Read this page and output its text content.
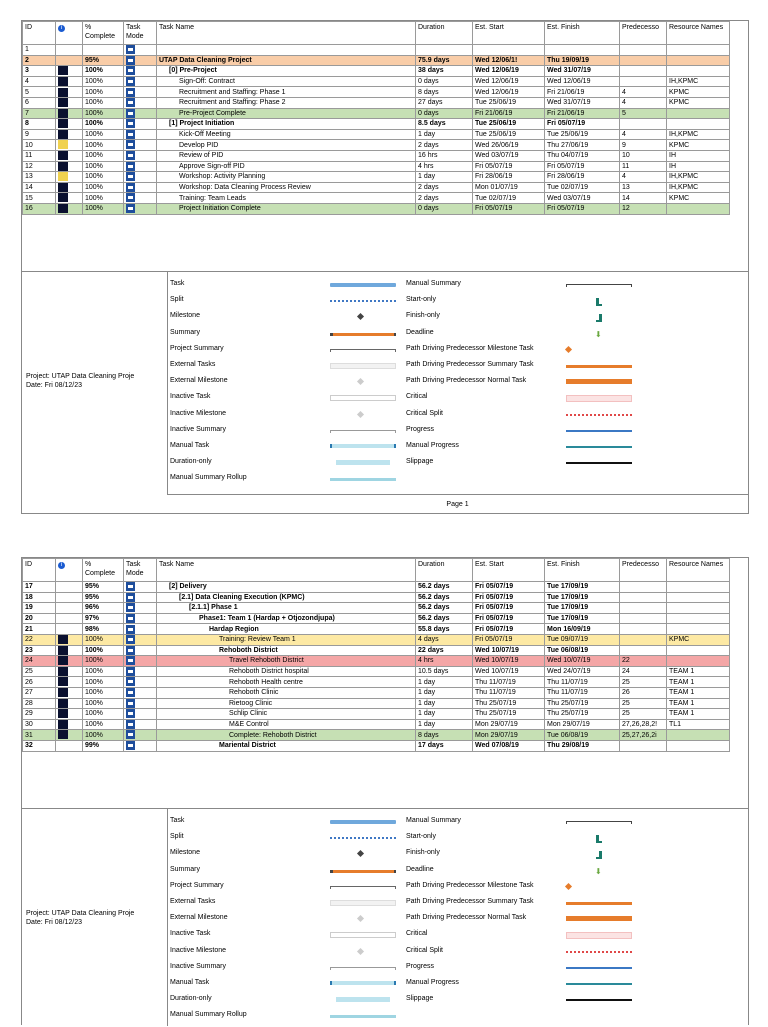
ID	i	% Complete	Task Mode	Task Name	Duration	Est. Start	Est. Finish	Predecesso	Resource Names
1									
2		95%		UTAP Data Cleaning Project	75.9 days	Wed 12/06/1!	Thu 19/09/19		
3		100%		[0] Pre-Project	38 days	Wed 12/06/19	Wed 31/07/19		
4		100%		Sign-Off: Contract	0 days	Wed 12/06/19	Wed 12/06/19		IH,KPMC
5		100%		Recruitment and Staffing: Phase 1	8 days	Wed 12/06/19	Fri 21/06/19	4	KPMC
6		100%		Recruitment and Staffing: Phase 2	27 days	Tue 25/06/19	Wed 31/07/19	4	KPMC
7		100%		Pre-Project Complete	0 days	Fri 21/06/19	Fri 21/06/19	5	
8		100%		[1] Project Initiation	8.5 days	Tue 25/06/19	Fri 05/07/19		
9		100%		Kick-Off Meeting	1 day	Tue 25/06/19	Tue 25/06/19	4	IH,KPMC
10		100%		Develop PID	2 days	Wed 26/06/19	Thu 27/06/19	9	KPMC
11		100%		Review of PID	16 hrs	Wed 03/07/19	Thu 04/07/19	10	IH
12		100%		Approve Sign-off PID	4 hrs	Fri 05/07/19	Fri 05/07/19	11	IH
13		100%		Workshop: Activity Planning	1 day	Fri 28/06/19	Fri 28/06/19	4	IH,KPMC
14		100%		Workshop: Data Cleaning Process Review	2 days	Mon 01/07/19	Tue 02/07/19	13	IH,KPMC
15		100%		Training: Team Leads	2 days	Tue 02/07/19	Wed 03/07/19	14	KPMC
16		100%		Project Initiation Complete	0 days	Fri 05/07/19	Fri 05/07/19	12	
Project: UTAP Data Cleaning Proje
Date: Fri 08/12/23
Task
Split
Milestone
Summary
Project Summary
External Tasks
External Milestone
Inactive Task
Inactive Milestone
Inactive Summary
Manual Task
Duration-only
Manual Summary Rollup
Manual Summary
Start-only
Finish-only
Deadline	⬇
Path Driving Predecessor Milestone Task
Path Driving Predecessor Summary Task
Path Driving Predecessor Normal Task
Critical
Critical Split
Progress
Manual Progress
Slippage
Page 1
ID	i	% Complete	Task Mode	Task Name	Duration	Est. Start	Est. Finish	Predecesso	Resource Names
17		95%		[2] Delivery	56.2 days	Fri 05/07/19	Tue 17/09/19		
18		95%		[2.1] Data Cleaning Execution (KPMC)	56.2 days	Fri 05/07/19	Tue 17/09/19		
19		96%		[2.1.1] Phase 1	56.2 days	Fri 05/07/19	Tue 17/09/19		
20		97%		Phase1: Team 1 (Hardap + Otjozondjupa)	56.2 days	Fri 05/07/19	Tue 17/09/19		
21		98%		Hardap Region	55.8 days	Fri 05/07/19	Mon 16/09/19		
22		100%		Training: Review Team 1	4 days	Fri 05/07/19	Tue 09/07/19		KPMC
23		100%		Rehoboth District	22 days	Wed 10/07/19	Tue 06/08/19		
24		100%		Travel Rehoboth District	4 hrs	Wed 10/07/19	Wed 10/07/19	22	
25		100%		Rehoboth District hospital	10.5 days	Wed 10/07/19	Wed 24/07/19	24	TEAM 1
26		100%		Rehoboth Health centre	1 day	Thu 11/07/19	Thu 11/07/19	25	TEAM 1
27		100%		Rehoboth Clinic	1 day	Thu 11/07/19	Thu 11/07/19	26	TEAM 1
28		100%		Rietoog Clinic	1 day	Thu 25/07/19	Thu 25/07/19	25	TEAM 1
29		100%		Schlip Clinic	1 day	Thu 25/07/19	Thu 25/07/19	25	TEAM 1
30		100%		M&E Control	1 day	Mon 29/07/19	Mon 29/07/19	27,26,28,2!	TL1
31		100%		Complete: Rehoboth District	8 days	Mon 29/07/19	Tue 06/08/19	25,27,26,2i	
32		99%		Mariental District	17 days	Wed 07/08/19	Thu 29/08/19		
Project: UTAP Data Cleaning Proje
Date: Fri 08/12/23
Task
Split
Milestone
Summary
Project Summary
External Tasks
External Milestone
Inactive Task
Inactive Milestone
Inactive Summary
Manual Task
Duration-only
Manual Summary Rollup
Manual Summary
Start-only
Finish-only
Deadline	⬇
Path Driving Predecessor Milestone Task
Path Driving Predecessor Summary Task
Path Driving Predecessor Normal Task
Critical
Critical Split
Progress
Manual Progress
Slippage
